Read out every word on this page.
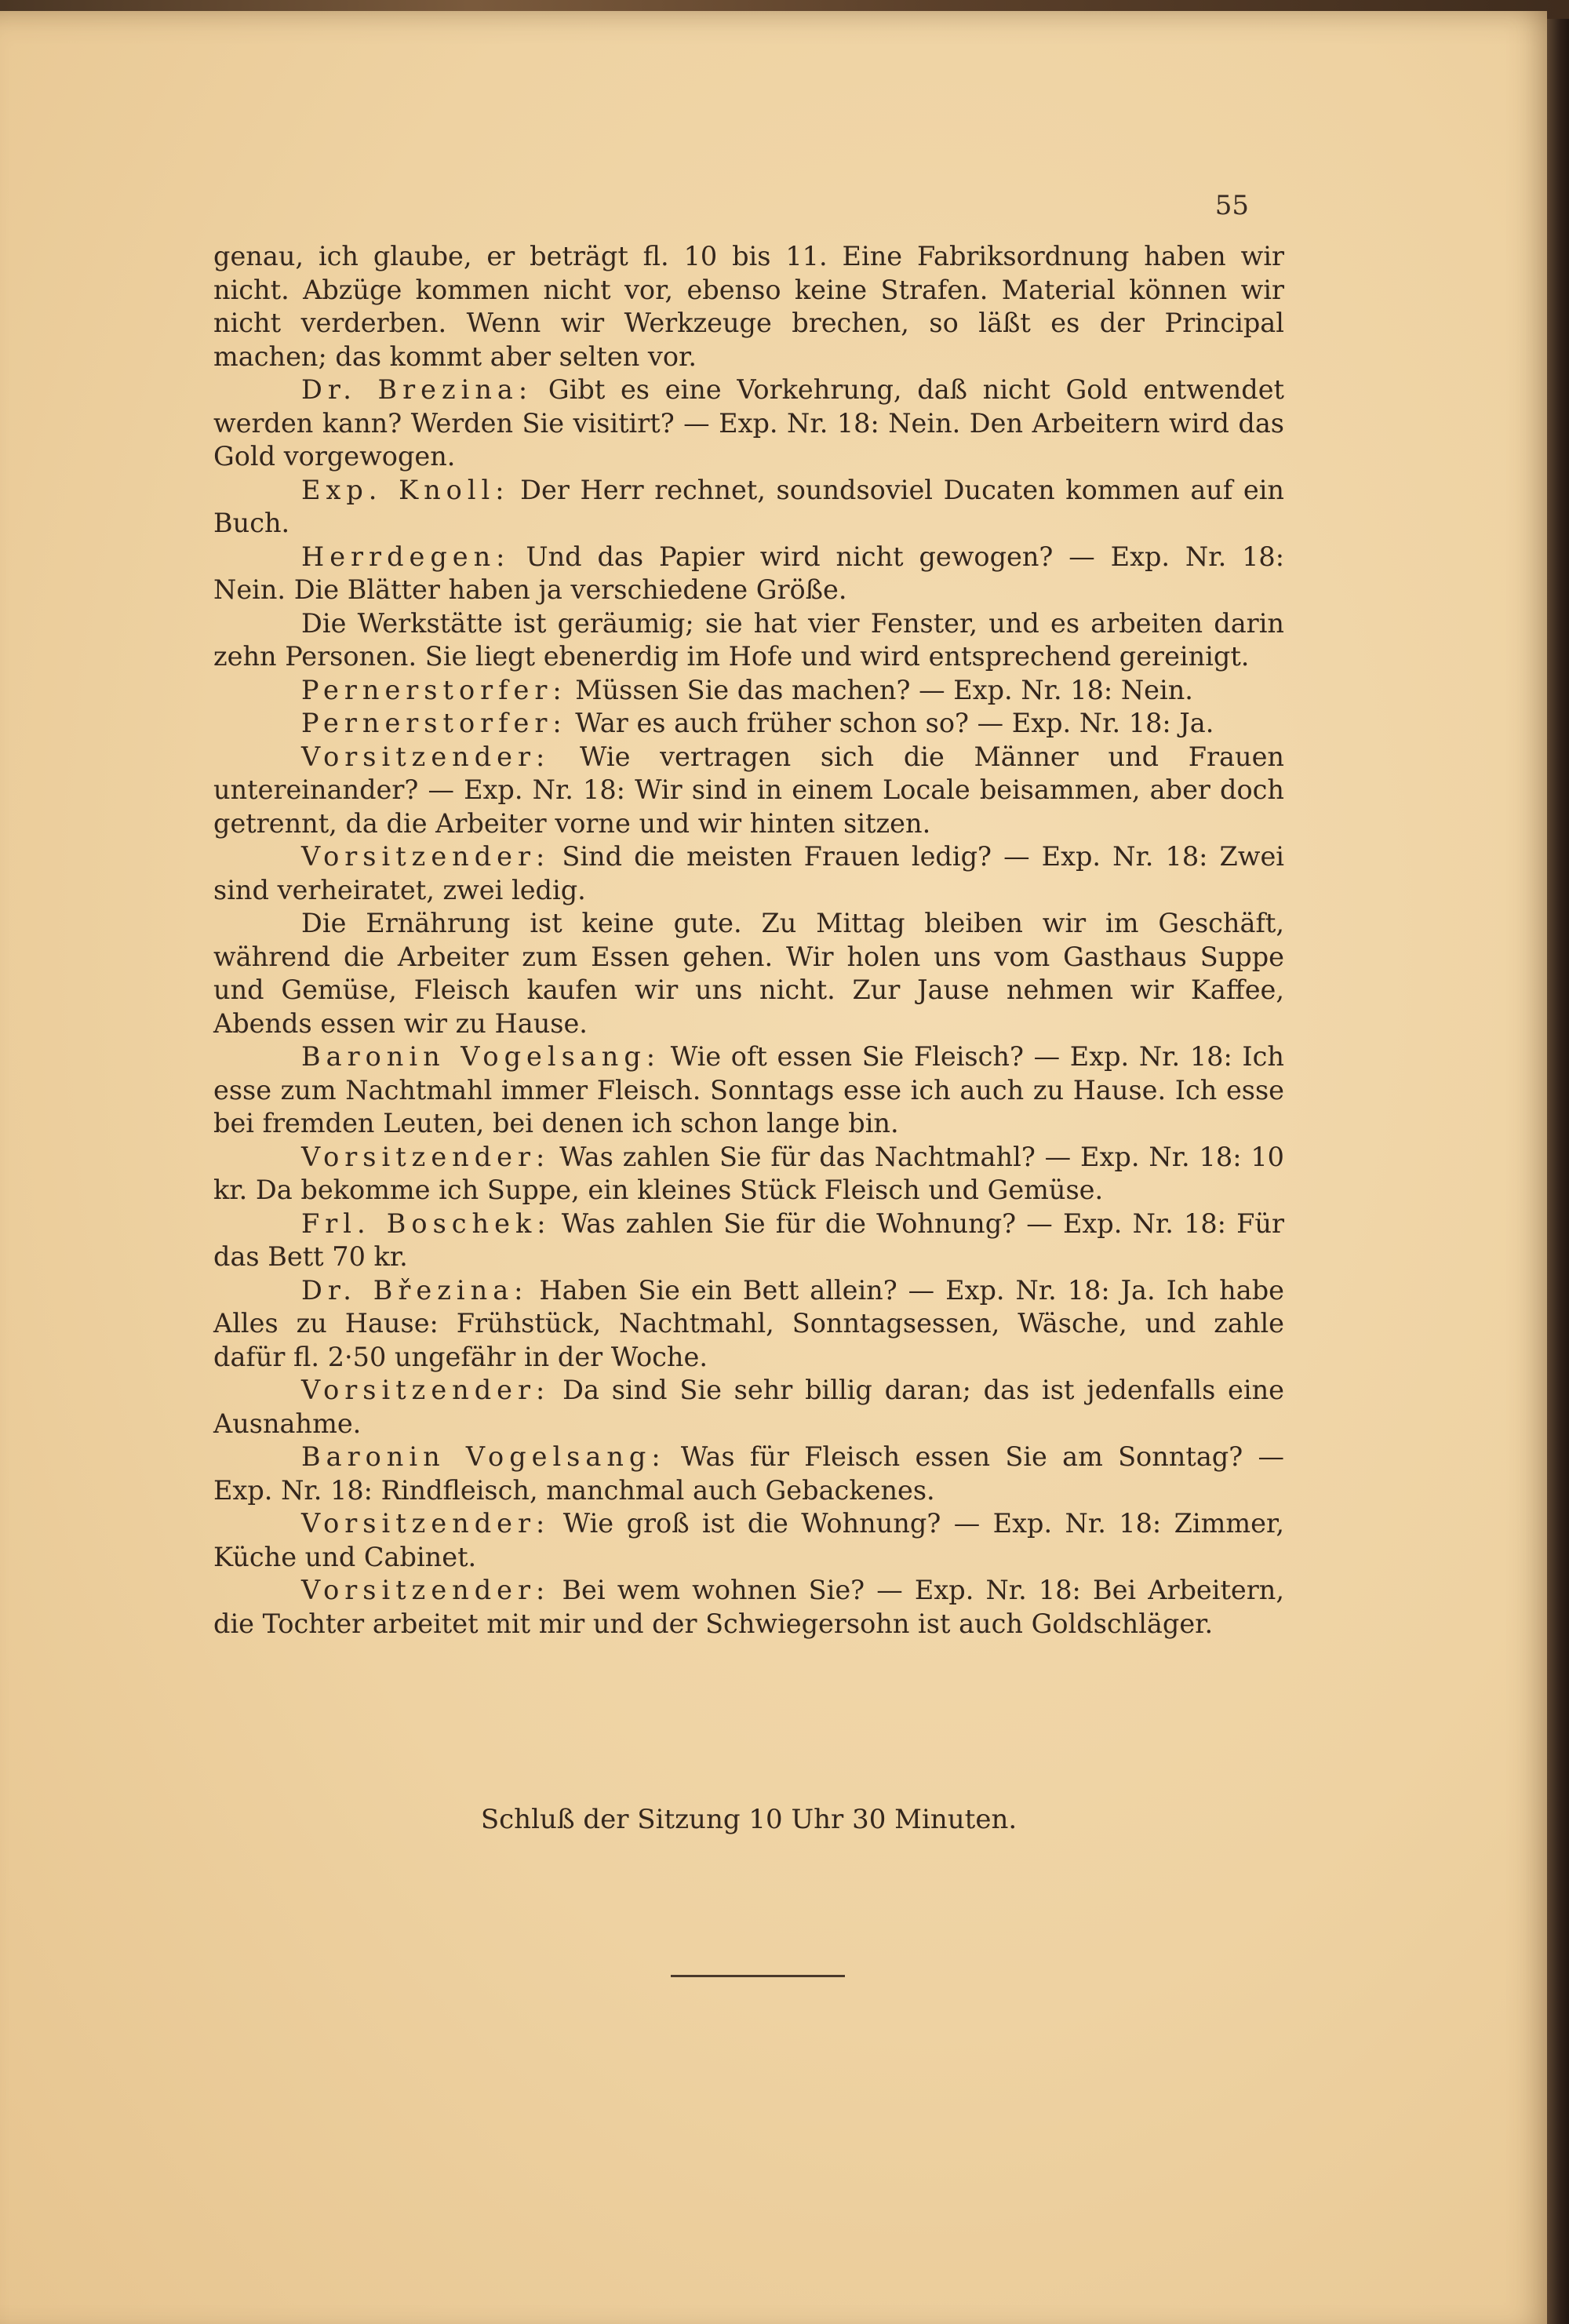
55

genau, ich glaube, er beträgt fl. 10 bis 11. Eine Fabriksordnung haben wir nicht. Abzüge kommen nicht vor, ebenso keine Strafen. Material können wir nicht verderben. Wenn wir Werkzeuge brechen, so läßt es der Principal machen; das kommt aber selten vor.

Dr. Brezina: Gibt es eine Vorkehrung, daß nicht Gold entwendet werden kann? Werden Sie visitirt? — Exp. Nr. 18: Nein. Den Arbeitern wird das Gold vorgewogen.

Exp. Knoll: Der Herr rechnet, soundsoviel Ducaten kommen auf ein Buch.

Herrdegen: Und das Papier wird nicht gewogen? — Exp. Nr. 18: Nein. Die Blätter haben ja verschiedene Größe.

Die Werkstätte ist geräumig; sie hat vier Fenster, und es arbeiten darin zehn Personen. Sie liegt ebenerdig im Hofe und wird entsprechend gereinigt.

Pernerstorfer: Müssen Sie das machen? — Exp. Nr. 18: Nein.

Pernerstorfer: War es auch früher schon so? — Exp. Nr. 18: Ja.

Vorsitzender: Wie vertragen sich die Männer und Frauen untereinander? — Exp. Nr. 18: Wir sind in einem Locale beisammen, aber doch getrennt, da die Arbeiter vorne und wir hinten sitzen.

Vorsitzender: Sind die meisten Frauen ledig? — Exp. Nr. 18: Zwei sind verheiratet, zwei ledig.

Die Ernährung ist keine gute. Zu Mittag bleiben wir im Geschäft, während die Arbeiter zum Essen gehen. Wir holen uns vom Gasthaus Suppe und Gemüse, Fleisch kaufen wir uns nicht. Zur Jause nehmen wir Kaffee, Abends essen wir zu Hause.

Baronin Vogelsang: Wie oft essen Sie Fleisch? — Exp. Nr. 18: Ich esse zum Nachtmahl immer Fleisch. Sonntags esse ich auch zu Hause. Ich esse bei fremden Leuten, bei denen ich schon lange bin.

Vorsitzender: Was zahlen Sie für das Nachtmahl? — Exp. Nr. 18: 10 kr. Da bekomme ich Suppe, ein kleines Stück Fleisch und Gemüse.

Frl. Boschek: Was zahlen Sie für die Wohnung? — Exp. Nr. 18: Für das Bett 70 kr.

Dr. Březina: Haben Sie ein Bett allein? — Exp. Nr. 18: Ja. Ich habe Alles zu Hause: Frühstück, Nachtmahl, Sonntagsessen, Wäsche, und zahle dafür fl. 2·50 ungefähr in der Woche.

Vorsitzender: Da sind Sie sehr billig daran; das ist jedenfalls eine Ausnahme.

Baronin Vogelsang: Was für Fleisch essen Sie am Sonntag? — Exp. Nr. 18: Rindfleisch, manchmal auch Gebackenes.

Vorsitzender: Wie groß ist die Wohnung? — Exp. Nr. 18: Zimmer, Küche und Cabinet.

Vorsitzender: Bei wem wohnen Sie? — Exp. Nr. 18: Bei Arbeitern, die Tochter arbeitet mit mir und der Schwiegersohn ist auch Goldschläger.

Schluß der Sitzung 10 Uhr 30 Minuten.
